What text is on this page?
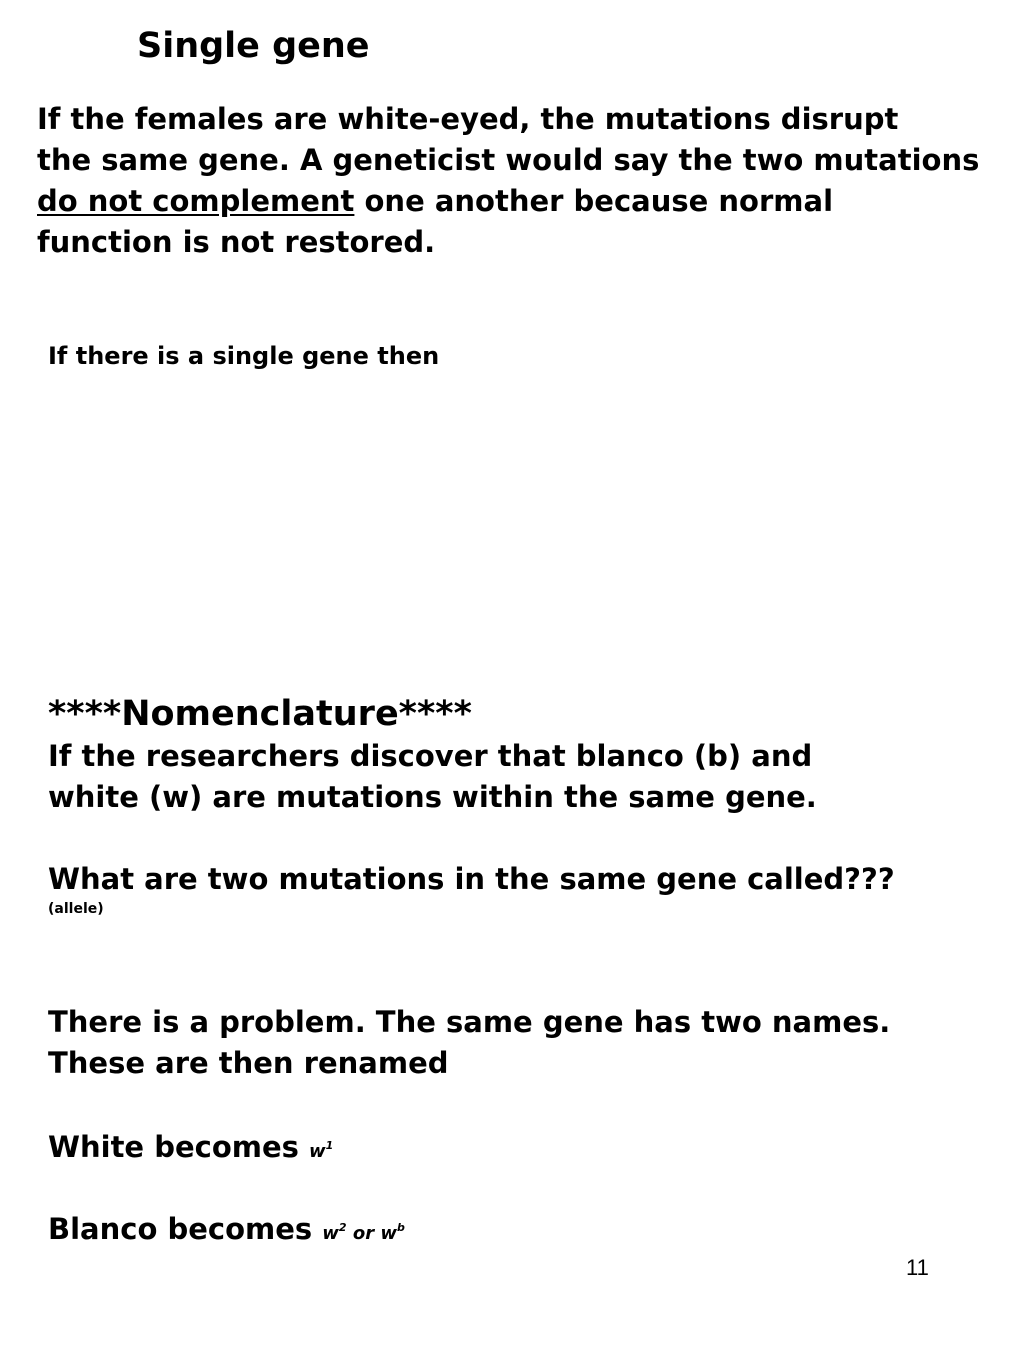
Single gene

If the females are white-eyed, the mutations disrupt
the same gene. A geneticist would say the two mutations
do not complement one another because normal
function is not restored.

If there is a single gene then

****Nomenclature****

If the researchers discover that blanco (b) and
white (w) are mutations within the same gene.

What are two mutations in the same gene called???

(allele)

There is a problem. The same gene has two names.
These are then renamed

White becomes $w^1$

Blanco becomes $w^2$ or $w^b$

11
